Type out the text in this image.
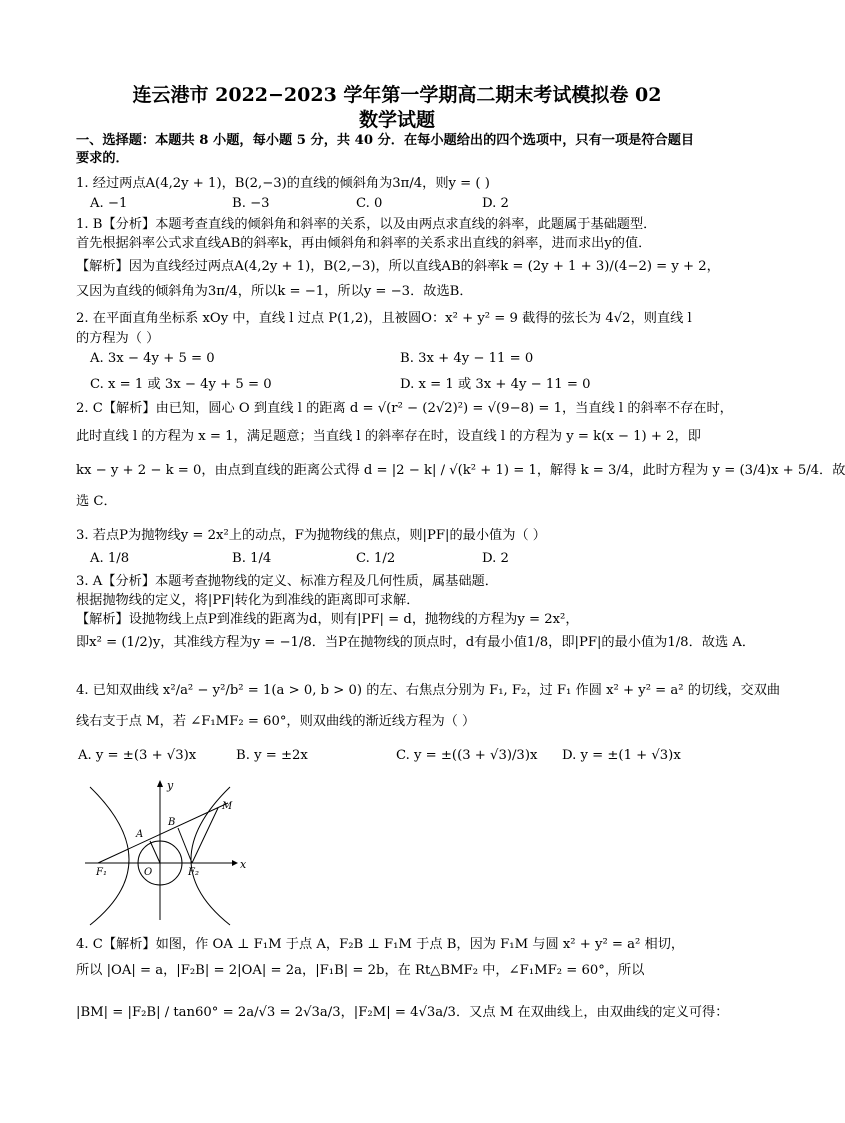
连云港市 2022−2023 学年第一学期高二期末考试模拟卷 02
数学试题
一、选择题：本题共 8 小题，每小题 5 分，共 40 分．在每小题给出的四个选项中，只有一项是符合题目
要求的．
1. 经过两点A(4,2y + 1)，B(2,−3)的直线的倾斜角为3π/4，则y = ( )
A. −1	B. −3	C. 0	D. 2
1. B【分析】本题考查直线的倾斜角和斜率的关系，以及由两点求直线的斜率，此题属于基础题型．
首先根据斜率公式求直线AB的斜率k，再由倾斜角和斜率的关系求出直线的斜率，进而求出y的值．
【解析】因为直线经过两点A(4,2y + 1)，B(2,−3)，所以直线AB的斜率k = (2y + 1 + 3)/(4−2) = y + 2，
又因为直线的倾斜角为3π/4，所以k = −1，所以y = −3．故选B．
2. 在平面直角坐标系 xOy 中，直线 l 过点 P(1,2)，且被圆O：x² + y² = 9 截得的弦长为 4√2，则直线 l
的方程为（ ）
A. 3x − 4y + 5 = 0	B. 3x + 4y − 11 = 0
C. x = 1 或 3x − 4y + 5 = 0	D. x = 1 或 3x + 4y − 11 = 0
2. C【解析】由已知，圆心 O 到直线 l 的距离 d = √(r² − (2√2)²) = √(9−8) = 1，当直线 l 的斜率不存在时，
此时直线 l 的方程为 x = 1，满足题意；当直线 l 的斜率存在时，设直线 l 的方程为 y = k(x − 1) + 2，即
kx − y + 2 − k = 0，由点到直线的距离公式得 d = |2 − k| / √(k² + 1) = 1，解得 k = 3/4，此时方程为 y = (3/4)x + 5/4．故
选 C．
3. 若点P为抛物线y = 2x²上的动点，F为抛物线的焦点，则|PF|的最小值为（ ）
A. 1/8	B. 1/4	C. 1/2	D. 2
3. A【分析】本题考查抛物线的定义、标准方程及几何性质，属基础题．
根据抛物线的定义，将|PF|转化为到准线的距离即可求解．
【解析】设抛物线上点P到准线的距离为d，则有|PF| = d，抛物线的方程为y = 2x²，
即x² = (1/2)y，其准线方程为y = −1/8．当P在抛物线的顶点时，d有最小值1/8，即|PF|的最小值为1/8．故选 A．
4. 已知双曲线 x²/a² − y²/b² = 1(a > 0, b > 0) 的左、右焦点分别为 F₁, F₂，过 F₁ 作圆 x² + y² = a² 的切线，交双曲
线右支于点 M，若 ∠F₁MF₂ = 60°，则双曲线的渐近线方程为（ ）
A. y = ±(3 + √3)x	B. y = ±2x	C. y = ±((3 + √3)/3)x D. y = ±(1 + √3)x
y
x
M
B
A
F₁	O	F₂
4. C【解析】如图，作 OA ⊥ F₁M 于点 A，F₂B ⊥ F₁M 于点 B，因为 F₁M 与圆 x² + y² = a² 相切，
所以 |OA| = a，|F₂B| = 2|OA| = 2a，|F₁B| = 2b，在 Rt△BMF₂ 中，∠F₁MF₂ = 60°，所以
|BM| = |F₂B| / tan60° = 2a/√3 = 2√3a/3，|F₂M| = 4√3a/3．又点 M 在双曲线上，由双曲线的定义可得：
